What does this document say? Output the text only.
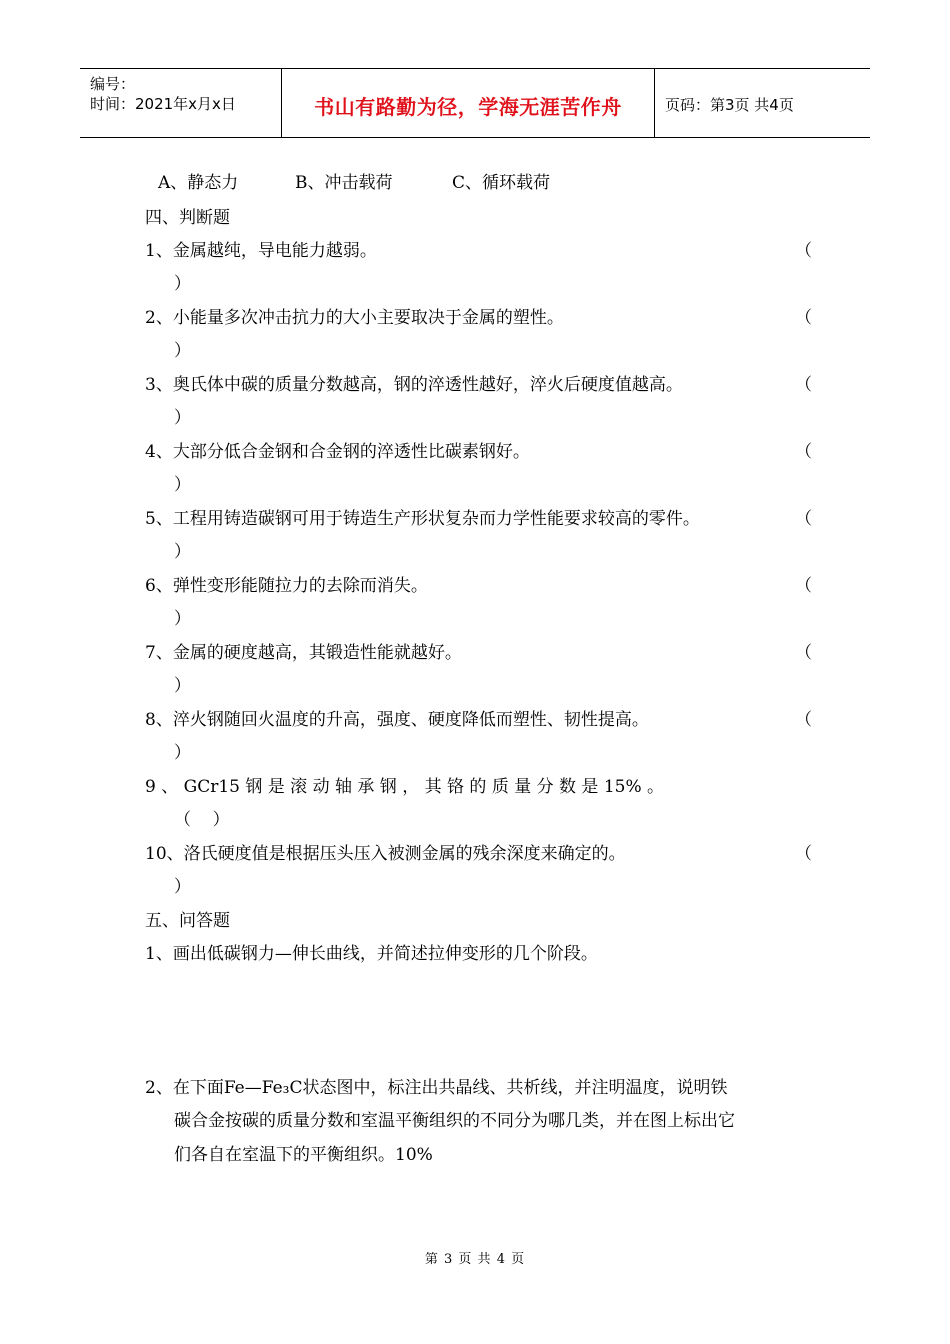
编号：
时间：2021年x月x日	书山有路勤为径，学海无涯苦作舟	页码：第3页 共4页
A、静态力	B、冲击载荷	C、循环载荷
四、判断题
1、金属越纯，导电能力越弱。	（
）
2、小能量多次冲击抗力的大小主要取决于金属的塑性。	（
）
3、奥氏体中碳的质量分数越高，钢的淬透性越好，淬火后硬度值越高。	（
）
4、大部分低合金钢和合金钢的淬透性比碳素钢好。	（
）
5、工程用铸造碳钢可用于铸造生产形状复杂而力学性能要求较高的零件。	（
）
6、弹性变形能随拉力的去除而消失。	（
）
7、金属的硬度越高，其锻造性能就越好。	（
）
8、淬火钢随回火温度的升高，强度、硬度降低而塑性、韧性提高。	（
）
9 、 GCr15 钢 是 滚 动 轴 承 钢 ， 其 铬 的 质 量 分 数 是 15% 。
（    ）
10、洛氏硬度值是根据压头压入被测金属的残余深度来确定的。	（
）
五、问答题
1、画出低碳钢力—伸长曲线，并简述拉伸变形的几个阶段。
2、在下面Fe—Fe₃C状态图中，标注出共晶线、共析线，并注明温度，说明铁
碳合金按碳的质量分数和室温平衡组织的不同分为哪几类，并在图上标出它
们各自在室温下的平衡组织。10%
第 3 页 共 4 页
